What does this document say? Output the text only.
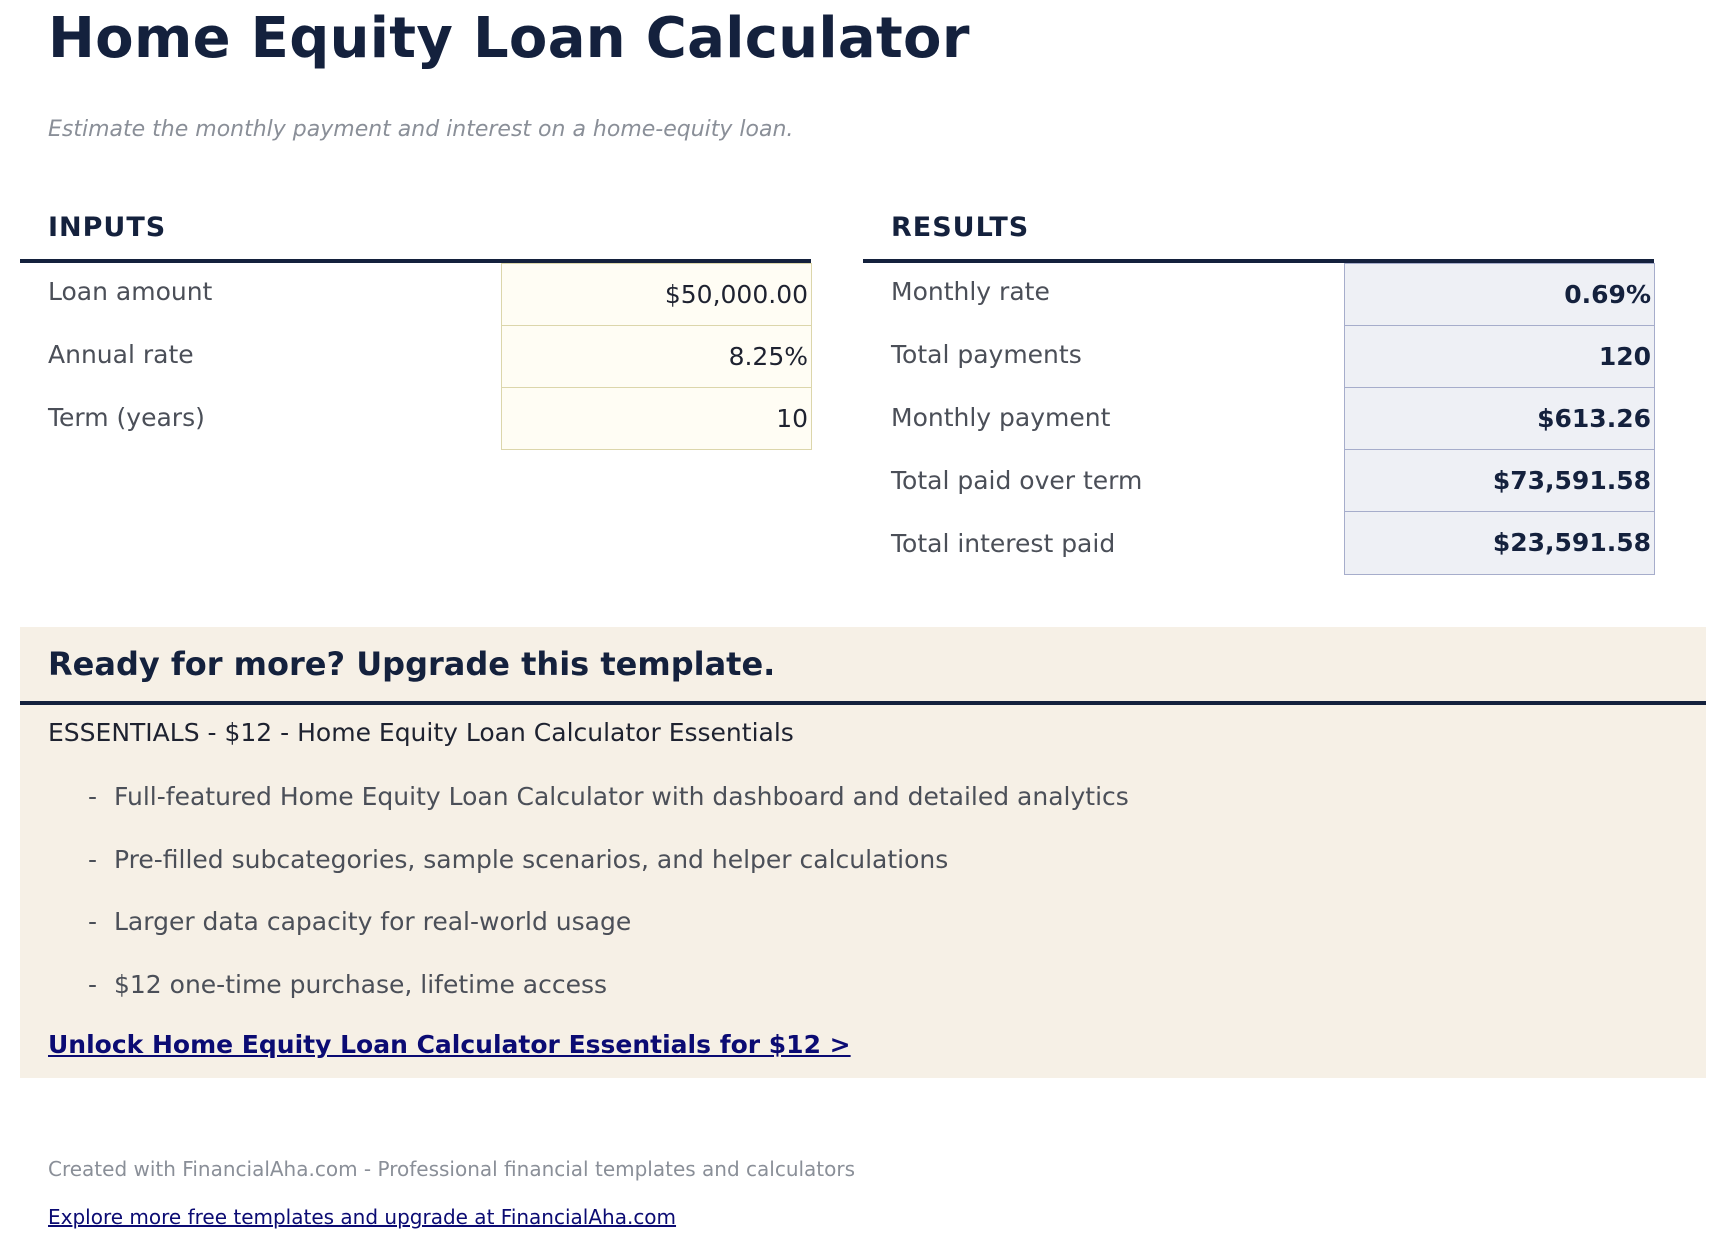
Home Equity Loan Calculator
Estimate the monthly payment and interest on a home-equity loan.
INPUTS
Loan amount	$50,000.00
Annual rate	8.25%
Term (years)	10
RESULTS
Monthly rate	0.69%
Total payments	120
Monthly payment	$613.26
Total paid over term	$73,591.58
Total interest paid	$23,591.58
Ready for more? Upgrade this template.
ESSENTIALS - $12 - Home Equity Loan Calculator Essentials
- Full-featured Home Equity Loan Calculator with dashboard and detailed analytics
- Pre-filled subcategories, sample scenarios, and helper calculations
- Larger data capacity for real-world usage
- $12 one-time purchase, lifetime access
Unlock Home Equity Loan Calculator Essentials for $12 >
Created with FinancialAha.com - Professional financial templates and calculators
Explore more free templates and upgrade at FinancialAha.com
